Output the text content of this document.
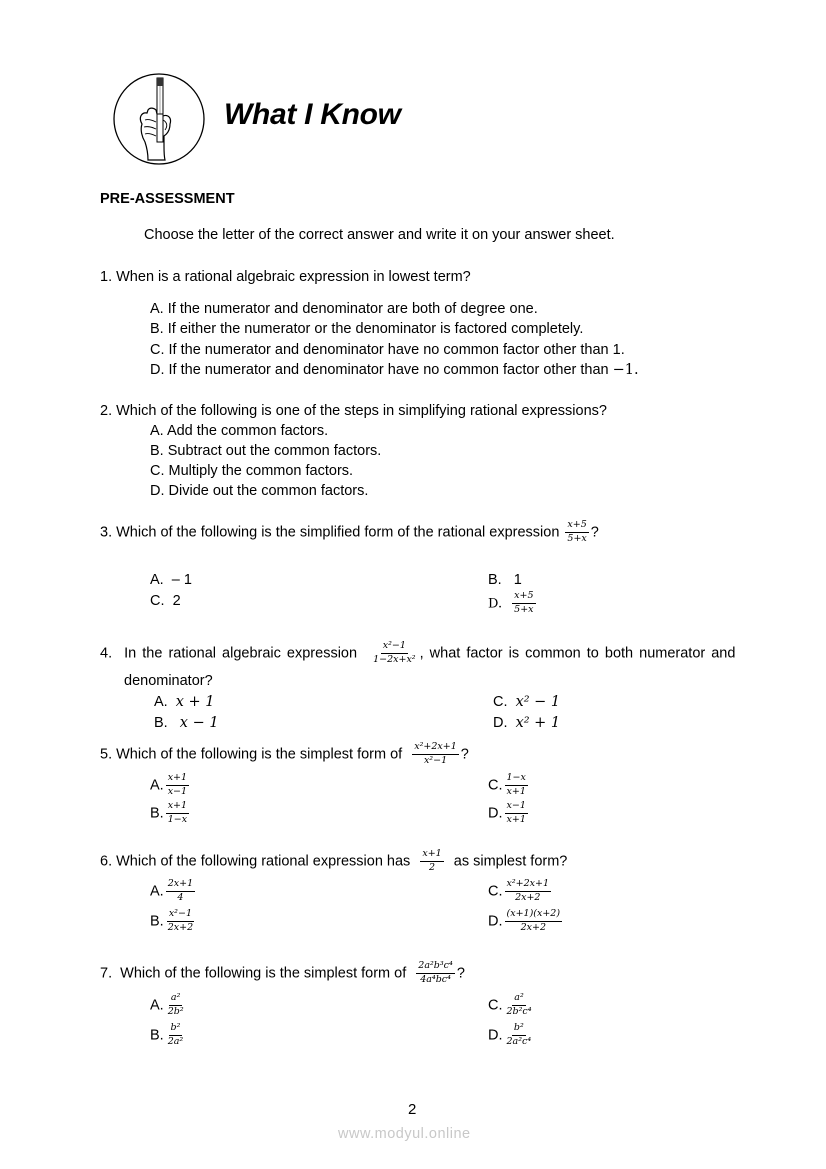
What I Know
PRE-ASSESSMENT
Choose the letter of the correct answer and write it on your answer sheet.
1. When is a rational algebraic expression in lowest term?
A. If the numerator and denominator are both of degree one.
B. If either the numerator or the denominator is factored completely.
C. If the numerator and denominator have no common factor other than 1.
D. If the numerator and denominator have no common factor other than −1.
2. Which of the following is one of the steps in simplifying rational expressions?
A. Add the common factors.
B. Subtract out the common factors.
C. Multiply the common factors.
D. Divide out the common factors.
3. Which of the following is the simplified form of the rational expression $\frac{x+5}{5+x}$ ?
A. – 1
C. 2
B. 1
D. $\frac{x+5}{5+x}$
4. In the rational algebraic expression $\frac{\text{x²−1}}{\text{1−2x+x²}}$ , what factor is common to both numerator and
denominator?
A. x + 1
B. x − 1
C. x² − 1
D. x² + 1
5. Which of the following is the simplest form of $\frac{\text{x²+2x+1}}{\text{x²−1}}$ ?
A. $\frac{x+1}{x-1}$
B. $\frac{x+1}{1-x}$
C. $\frac{1-x}{x+1}$
D. $\frac{x-1}{x+1}$
6. Which of the following rational expression has $\frac{x+1}{2}$ as simplest form?
A. $\frac{2x+1}{4}$
B. $\frac{\text{x²−1}}{2x+2}$
C. $\frac{\text{x²+2x+1}}{2x+2}$
D. $\frac{(x+1)(x+2)}{2x+2}$
7. Which of the following is the simplest form of $\frac{\text{2a²b³c⁴}}{\text{4a⁴bc⁴}}$ ?
A. $\frac{\text{a²}}{\text{2b²}}$
B. $\frac{\text{b²}}{\text{2a²}}$
C. $\frac{\text{a²}}{\text{2b²c⁴}}$
D. $\frac{\text{b²}}{\text{2a²c⁴}}$
2
www.modyul.online
